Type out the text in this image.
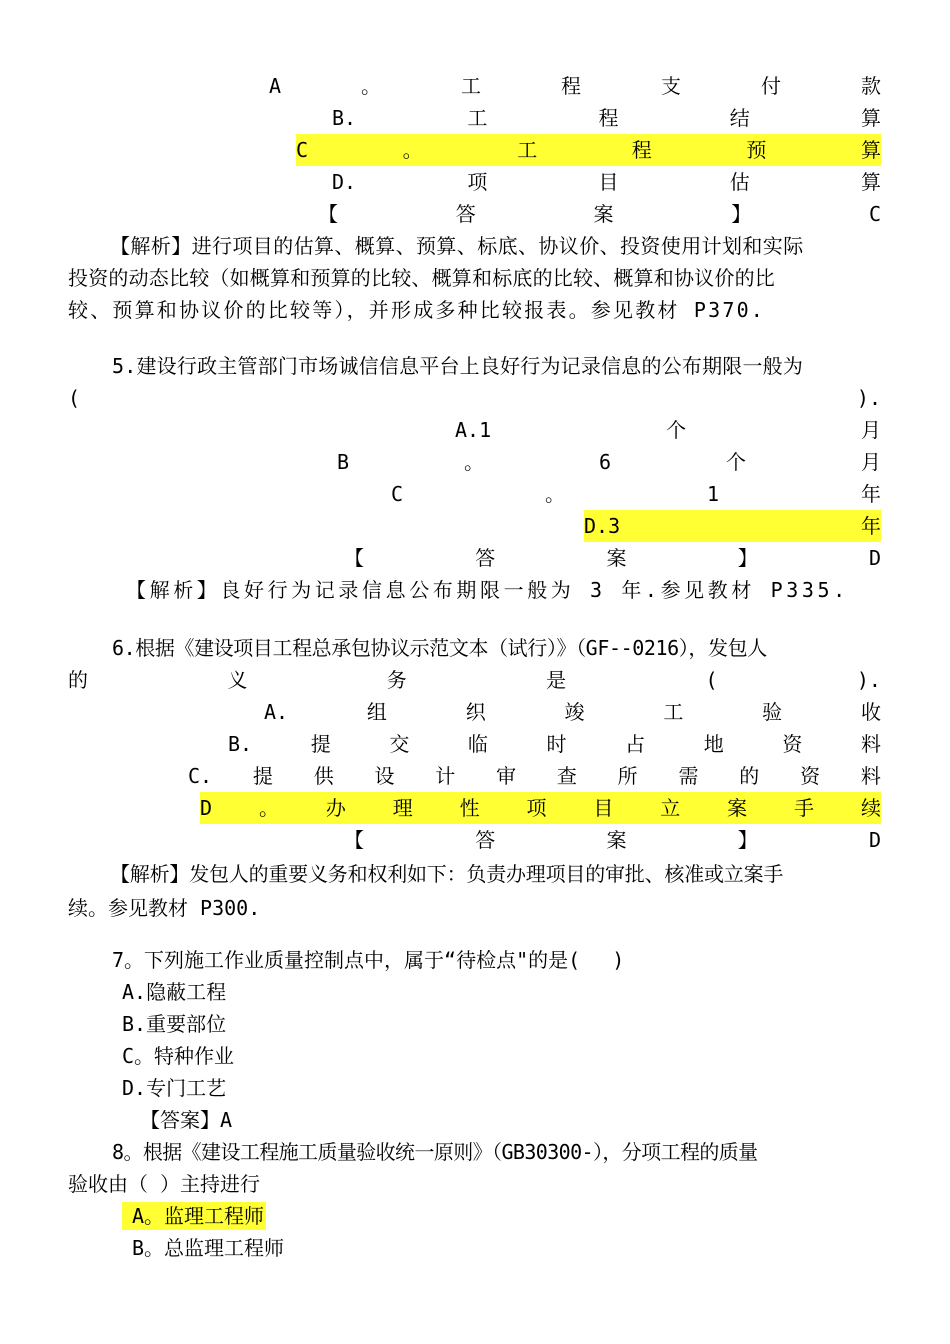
A	。	工	程	支	付	款
B.	工	程	结	算
C	。	工	程	预	算
D.	项	目	估	算
【	答	案	】	C
【解析】进行项目的估算、概算、预算、标底、协议价、投资使用计划和实际
投资的动态比较（如概算和预算的比较、概算和标底的比较、概算和协议价的比
较、预算和协议价的比较等），并形成多种比较报表。参见教材 P370.
5.建设行政主管部门市场诚信信息平台上良好行为记录信息的公布期限一般为
(	).
A.1	个	月
B	。	6	个	月
C	。	1	年
D.3	年
【	答	案	】	D
【解析】良好行为记录信息公布期限一般为 3 年.参见教材 P335.
6.根据《建设项目工程总承包协议示范文本（试行）》（GF--0216），发包人
的	义	务	是	(	).
A.	组	织	竣	工	验	收
B.	提	交	临	时	占	地	资	料
C. 提 供 设 计 审 查 所 需 的 资 料
D 。 办 理 性 项 目 立 案 手 续
【	答	案	】	D
【解析】发包人的重要义务和权利如下：负责办理项目的审批、核准或立案手
续。参见教材 P300.
7。下列施工作业质量控制点中，属于“待检点"的是(　 )
A.隐蔽工程
B.重要部位
C。特种作业
D.专门工艺
【答案】A
8。根据《建设工程施工质量验收统一原则》（GB30300-），分项工程的质量
验收由（ ）主持进行
A。监理工程师
B。总监理工程师
